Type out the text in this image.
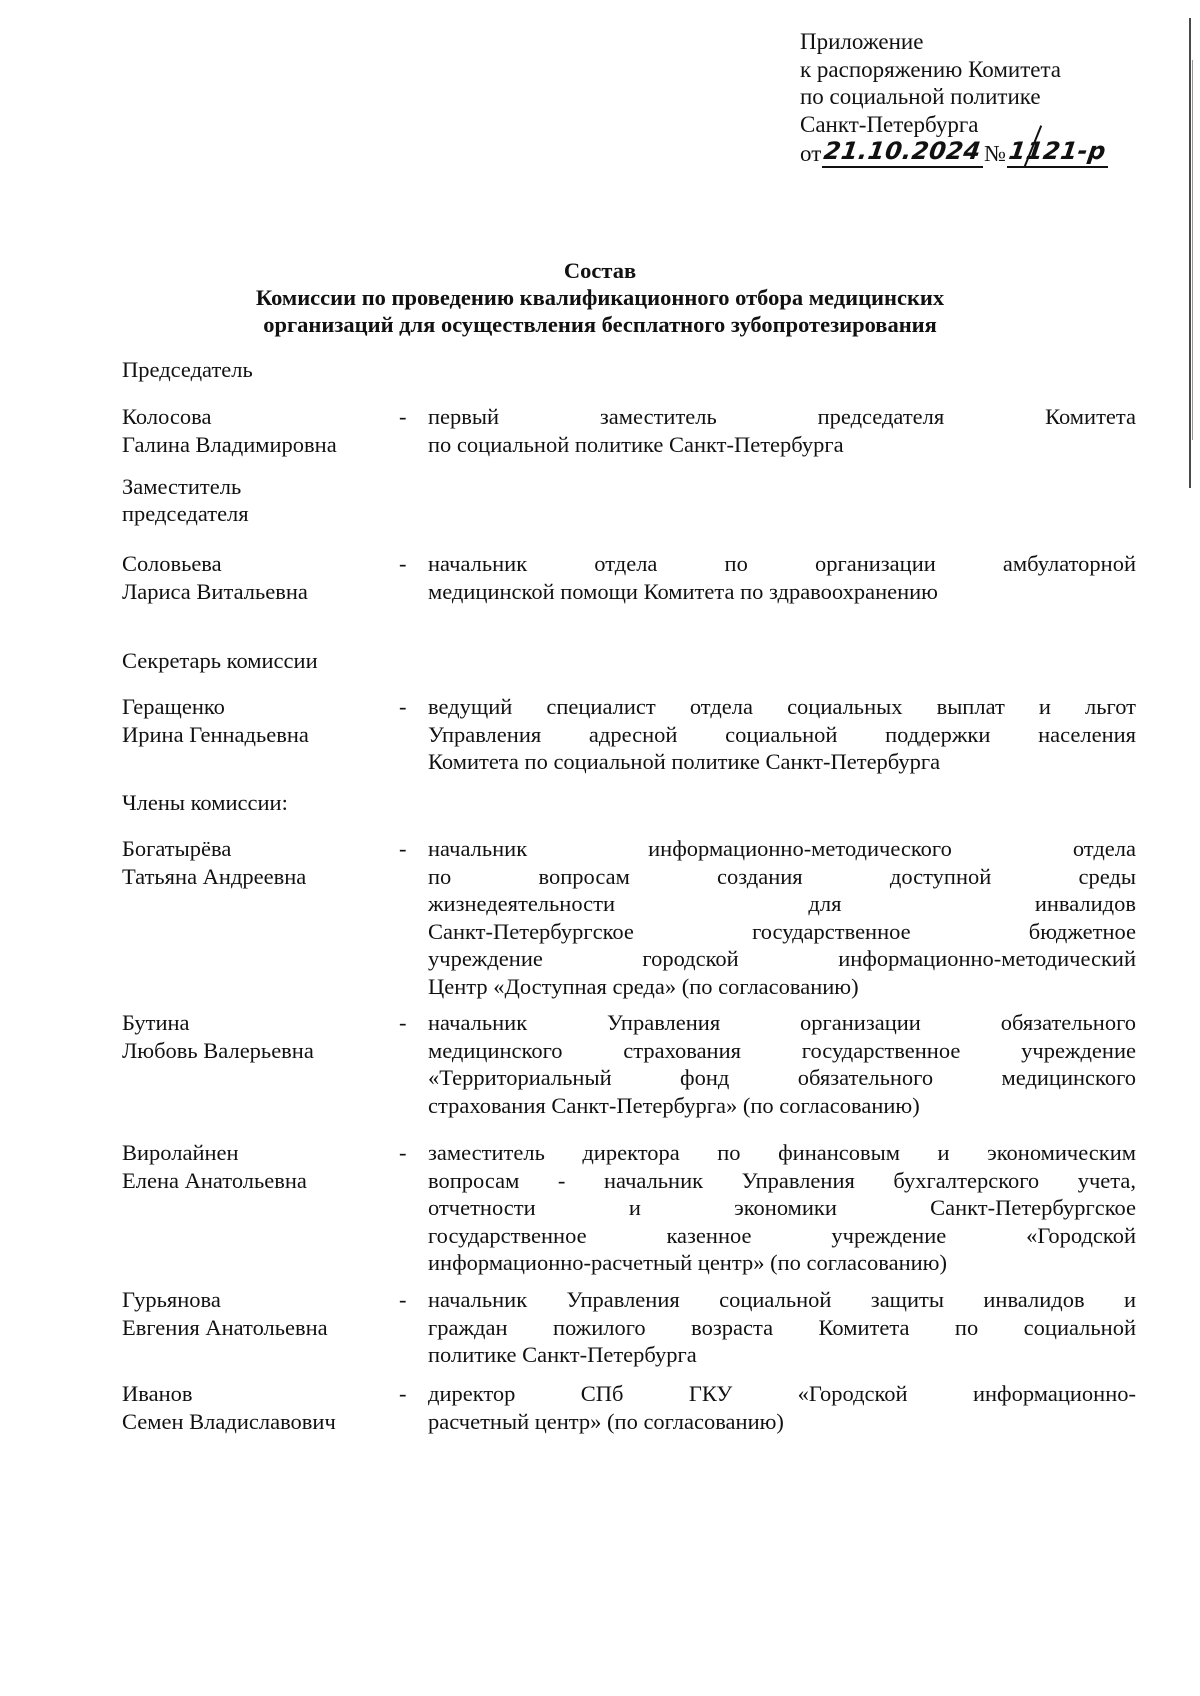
Приложение
к распоряжению Комитета
по социальной политике
Санкт-Петербурга
от 21.10.2024 № 1121-р
Состав
Комиссии по проведению квалификационного отбора медицинских
организаций для осуществления бесплатного зубопротезирования
Председатель
Колосова
Галина Владимировна
- первый заместитель председателя Комитета
по социальной политике Санкт-Петербурга
Заместитель
председателя
Соловьева
Лариса Витальевна
- начальник отдела по организации амбулаторной
медицинской помощи Комитета по здравоохранению
Секретарь комиссии
Геращенко
Ирина Геннадьевна
- ведущий специалист отдела социальных выплат и льгот
Управления адресной социальной поддержки населения
Комитета по социальной политике Санкт-Петербурга
Члены комиссии:
Богатырёва
Татьяна Андреевна
- начальник информационно-методического отдела
по вопросам создания доступной среды
жизнедеятельности для инвалидов
Санкт-Петербургское государственное бюджетное
учреждение городской информационно-методический
Центр «Доступная среда» (по согласованию)
Бутина
Любовь Валерьевна
- начальник Управления организации обязательного
медицинского страхования государственное учреждение
«Территориальный фонд обязательного медицинского
страхования Санкт-Петербурга» (по согласованию)
Виролайнен
Елена Анатольевна
- заместитель директора по финансовым и экономическим
вопросам - начальник Управления бухгалтерского учета,
отчетности и экономики Санкт-Петербургское
государственное казенное учреждение «Городской
информационно-расчетный центр» (по согласованию)
Гурьянова
Евгения Анатольевна
- начальник Управления социальной защиты инвалидов и
граждан пожилого возраста Комитета по социальной
политике Санкт-Петербурга
Иванов
Семен Владиславович
- директор СПб ГКУ «Городской информационно-
расчетный центр» (по согласованию)
